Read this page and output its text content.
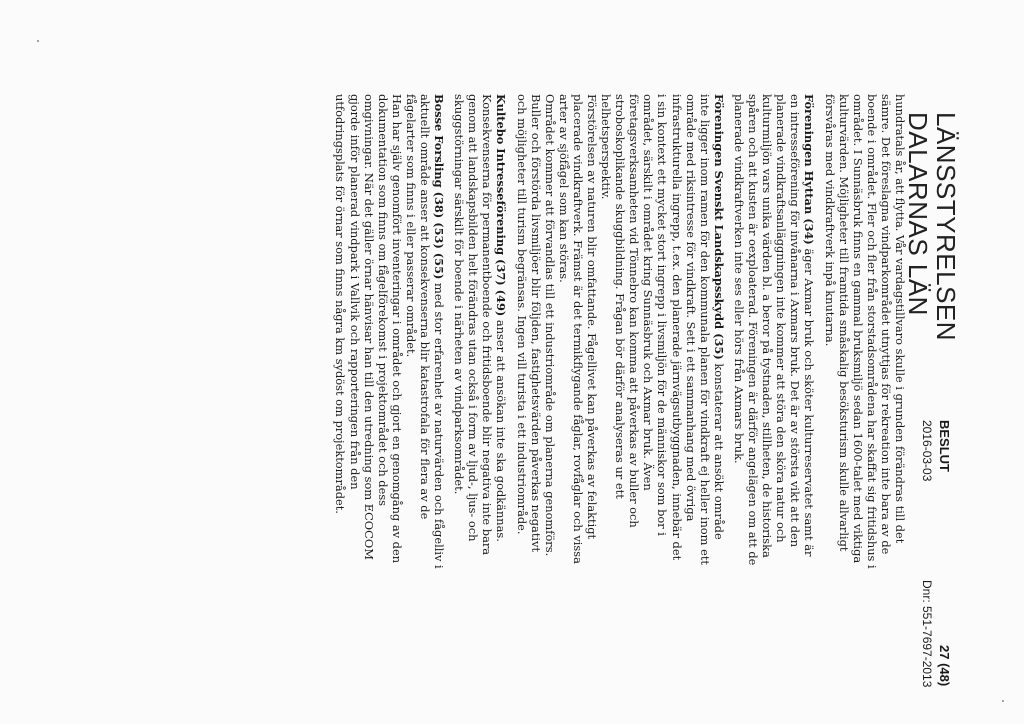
LÄNSSTYRELSEN
DALARNAS LÄN
BESLUT
2016-03-03
27 (48)
Dnr: 551-7697-2013
hundratals år, att flytta. Vår vardagstillvaro skulle i grunden förändras till det
sämre. Det föreslagna vindparkområdet utnyttjas för rekreation inte bara av de
boende i området. Fler och fler från storstadsområdena har skaffat sig fritidshus i
området. I Sunnäsbruk finns en gammal bruksmiljö sedan 1600-talet med viktiga
kulturvärden. Möjligheter till framtida småskalig besöksturism skulle allvarligt
försvåras med vindkraftverk inpå knutarna.
Föreningen Hyttan (34) äger Axmar bruk och sköter kulturreservatet samt är
en intresseförening för invånarna i Axmars bruk. Det är av största vikt att den
planerade vindkraftsanläggningen inte kommer att störa den sköra natur och
kulturmiljön vars unika värden bl. a beror på tystnaden, stillheten, de historiska
spåren och att kusten är oexploaterad. Föreningen är därför angelägen om att de
planerade vindkraftverken inte ses eller hörs från Axmars bruk.
Föreningen Svenskt Landskapsskydd (35) konstaterar att ansökt område
inte ligger inom ramen för den kommunala planen för vindkraft ej heller inom ett
område med riksintresse för vindkraft. Sett i ett sammanhang med övriga
infrastrukturella ingrepp, t.ex. den planerade järnvägsutbyggnaden, innebär det
i sin kontext ett mycket stort ingrepp i livsmiljön för de människor som bor i
området, särskilt i området kring Sunnäsbruk och Axmar bruk. Även
företagsverksamheten vid Tönnebro kan komma att påverkas av buller och
stroboskoplikande skuggbildning. Frågan bör därför analyseras ur ett
helhetsperspektiv.
Förstörelsen av naturen blir omfattande. Fågellivet kan påverkas av felaktigt
placerade vindkraftverk. Främst är det termikflygande fåglar, rovfåglar och vissa
arter av sjöfågel som kan störas.
Området kommer att förvandlas till ett industriområde om planerna genomförs.
Buller och förstörda livsmiljöer blir följden, fastighetsvärden påverkas negativt
och möjligheter till turism begränsas. Ingen vill turista i ett industriområde.
Kultebo Intresseförening (37) (49) anser att ansökan inte ska godkännas.
Konsekvenserna för permanentboende och fritidsboende blir negativa inte bara
genom att landskapsbilden helt förändras utan också i form av ljud-, ljus- och
skuggstörningar särskilt för boende i närheten av vindparksområdet.
Bosse Forsling (38) (53) (55) med stor erfarenhet av naturvärden och fågelliv i
aktuellt område anser att konsekvenserna blir katastrofala för flera av de
fågelarter som finns i eller passerar området.
Han har själv genomfört inventeringar i området och gjort en genomgång av den
dokumentation som finns om fågelförekomst i projektområdet och dess
omgivningar. När det gäller örnar hänvisar han till den utredning som ECOCOM
gjorde inför planerad vindpark i Vallvik och rapporteringen från den
utfodringsplats för örnar som finns några km sydöst om projektområdet.
